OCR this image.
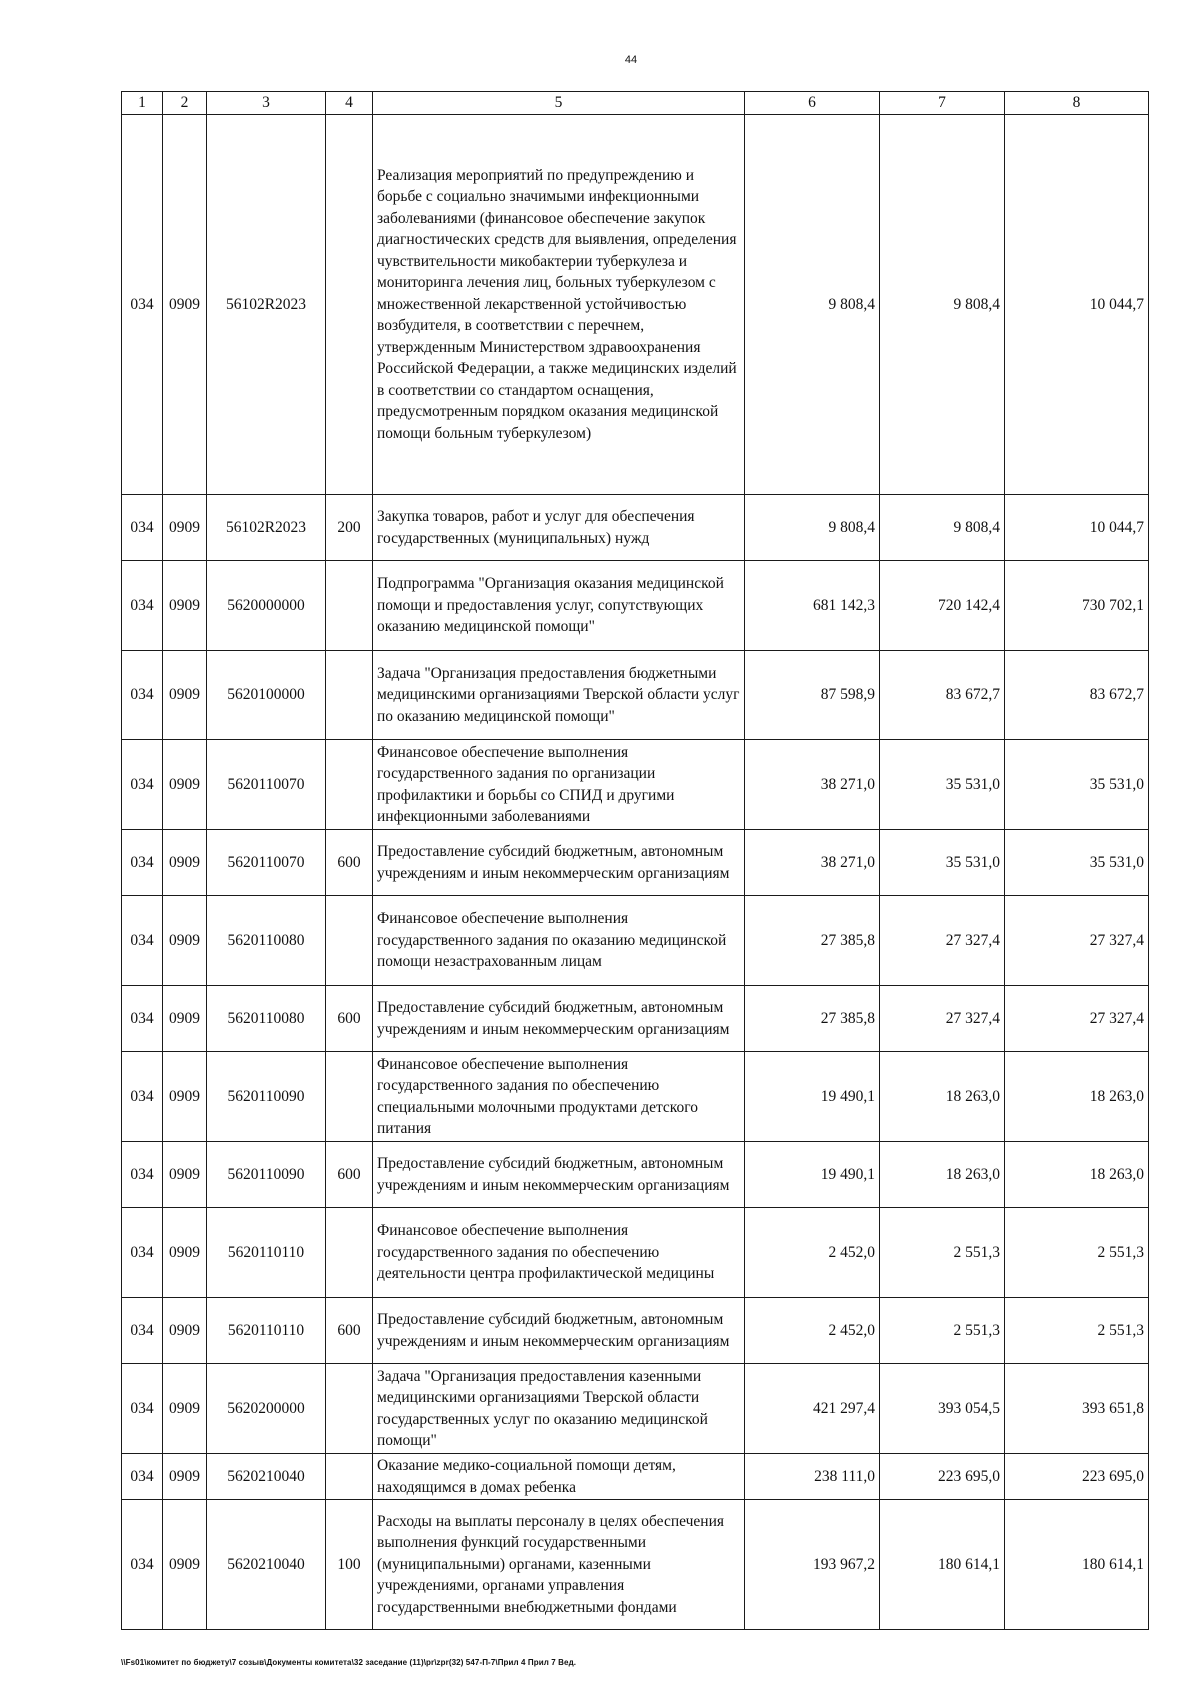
44
1	2	3	4	5	6	7	8
034	0909	56102R2023		Реализация мероприятий по предупреждению и борьбе с социально значимыми инфекционными заболеваниями (финансовое обеспечение закупок диагностических средств для выявления, определения чувствительности микобактерии туберкулеза и мониторинга лечения лиц, больных туберкулезом с множественной лекарственной устойчивостью возбудителя, в соответствии с перечнем, утвержденным Министерством здравоохранения Российской Федерации, а также медицинских изделий в соответствии со стандартом оснащения, предусмотренным порядком оказания медицинской помощи больным туберкулезом)	9 808,4	9 808,4	10 044,7
034	0909	56102R2023	200	Закупка товаров, работ и услуг для обеспечения государственных (муниципальных) нужд	9 808,4	9 808,4	10 044,7
034	0909	5620000000		Подпрограмма "Организация оказания медицинской помощи и предоставления услуг, сопутствующих оказанию медицинской помощи"	681 142,3	720 142,4	730 702,1
034	0909	5620100000		Задача "Организация предоставления бюджетными медицинскими организациями Тверской области услуг по оказанию медицинской помощи"	87 598,9	83 672,7	83 672,7
034	0909	5620110070		Финансовое обеспечение выполнения государственного задания по организации профилактики и борьбы со СПИД и другими инфекционными заболеваниями	38 271,0	35 531,0	35 531,0
034	0909	5620110070	600	Предоставление субсидий бюджетным, автономным учреждениям и иным некоммерческим организациям	38 271,0	35 531,0	35 531,0
034	0909	5620110080		Финансовое обеспечение выполнения государственного задания по оказанию медицинской помощи незастрахованным лицам	27 385,8	27 327,4	27 327,4
034	0909	5620110080	600	Предоставление субсидий бюджетным, автономным учреждениям и иным некоммерческим организациям	27 385,8	27 327,4	27 327,4
034	0909	5620110090		Финансовое обеспечение выполнения государственного задания по обеспечению специальными молочными продуктами детского питания	19 490,1	18 263,0	18 263,0
034	0909	5620110090	600	Предоставление субсидий бюджетным, автономным учреждениям и иным некоммерческим организациям	19 490,1	18 263,0	18 263,0
034	0909	5620110110		Финансовое обеспечение выполнения государственного задания по обеспечению деятельности центра профилактической медицины	2 452,0	2 551,3	2 551,3
034	0909	5620110110	600	Предоставление субсидий бюджетным, автономным учреждениям и иным некоммерческим организациям	2 452,0	2 551,3	2 551,3
034	0909	5620200000		Задача "Организация предоставления казенными медицинскими организациями Тверской области государственных услуг по оказанию медицинской помощи"	421 297,4	393 054,5	393 651,8
034	0909	5620210040		Оказание медико-социальной помощи детям, находящимся в домах ребенка	238 111,0	223 695,0	223 695,0
034	0909	5620210040	100	Расходы на выплаты персоналу в целях обеспечения выполнения функций государственными (муниципальными) органами, казенными учреждениями, органами управления государственными внебюджетными фондами	193 967,2	180 614,1	180 614,1
\\Fs01\комитет по бюджету\7 созыв\Документы комитета\32 заседание (11)\pr\zpr(32) 547-П-7\Прил 4 Прил 7 Вед.
